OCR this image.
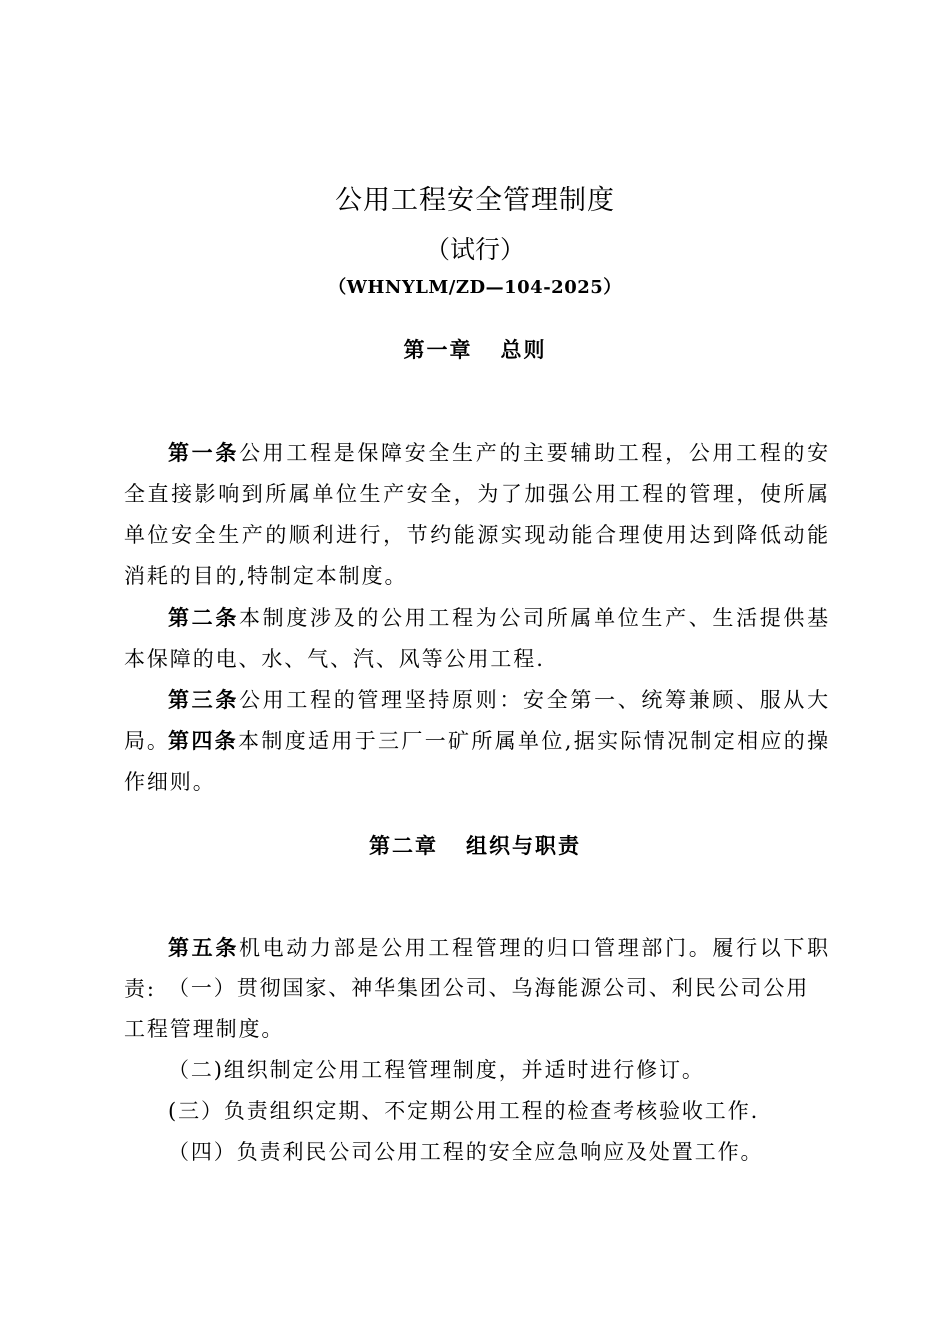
公用工程安全管理制度
（试行）
（WHNYLM/ZD—104-2025）
第一章 总则

第一条公用工程是保障安全生产的主要辅助工程，公用工程的安全直接影响到所属单位生产安全，为了加强公用工程的管理，使所属单位安全生产的顺利进行，节约能源实现动能合理使用达到降低动能消耗的目的,特制定本制度。

第二条本制度涉及的公用工程为公司所属单位生产、生活提供基本保障的电、水、气、汽、风等公用工程.

第三条公用工程的管理坚持原则：安全第一、统筹兼顾、服从大局。

第四条本制度适用于三厂一矿所属单位,据实际情况制定相应的操作细则。

第二章 组织与职责

第五条机电动力部是公用工程管理的归口管理部门。履行以下职责: （一）贯彻国家、神华集团公司、乌海能源公司、利民公司公用工程管理制度。

（二)组织制定公用工程管理制度，并适时进行修订。

(三）负责组织定期、不定期公用工程的检查考核验收工作.

（四）负责利民公司公用工程的安全应急响应及处置工作。
